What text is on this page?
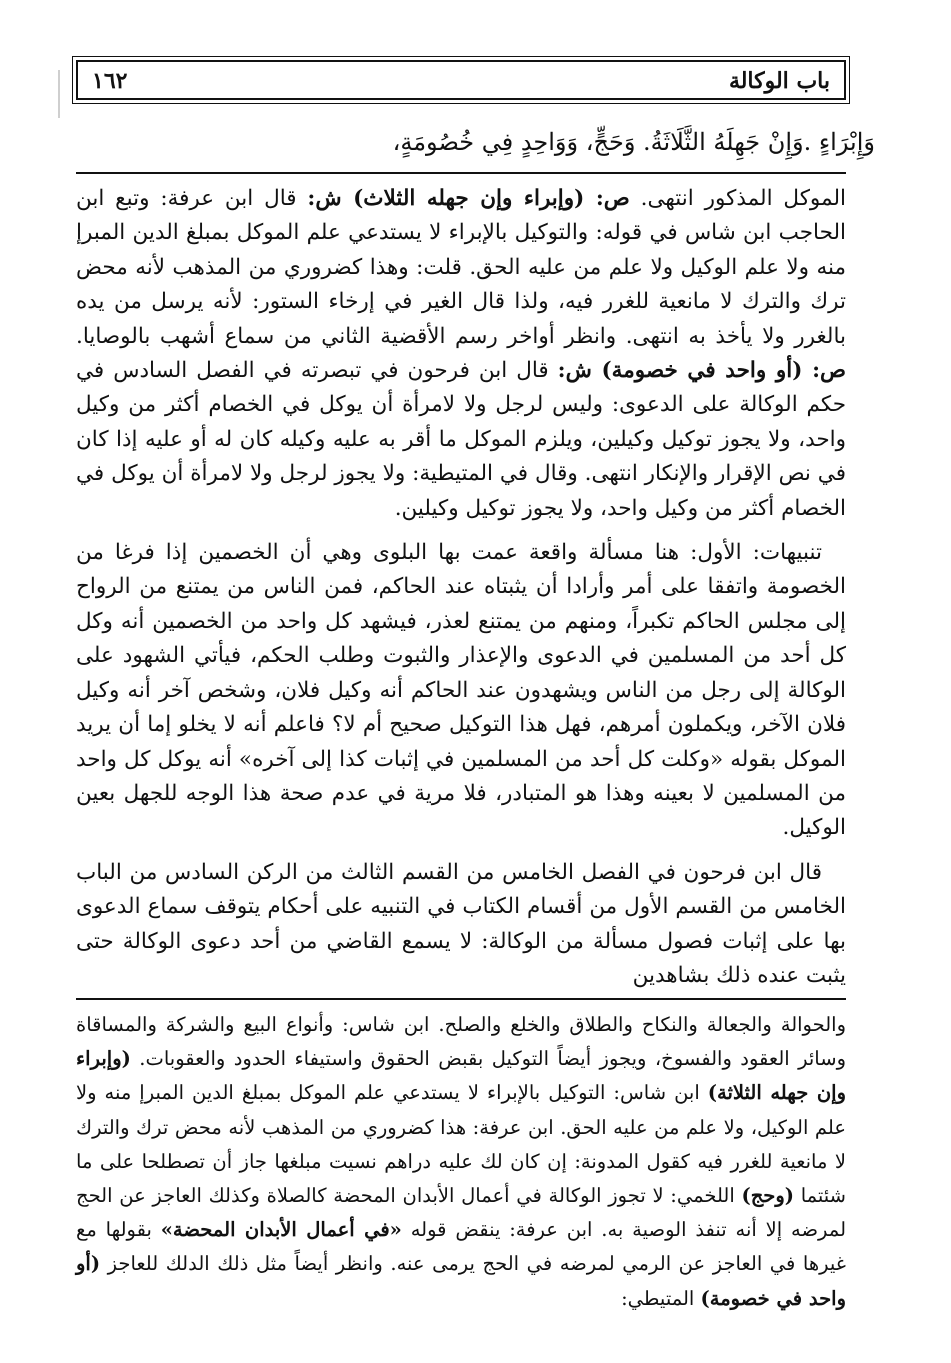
باب الوكالة
١٦٢
وَإِبْرَاءٍ .وَإِنْ جَهِلَهُ الثَّلَاثَةُ. وَحَجٍّ، وَوَاحِدٍ فِي خُصُومَةٍ،

الموكل المذكور انتهى. ص: (وإبراء وإن جهله الثلاث) ش: قال ابن عرفة: وتبع ابن الحاجب ابن شاس في قوله: والتوكيل بالإبراء لا يستدعي علم الموكل بمبلغ الدين المبرإ منه ولا علم الوكيل ولا علم من عليه الحق. قلت: وهذا كضروري من المذهب لأنه محض ترك والترك لا مانعية للغرر فيه، ولذا قال الغير في إرخاء الستور: لأنه يرسل من يده بالغرر ولا يأخذ به انتهى. وانظر أواخر رسم الأقضية الثاني من سماع أشهب بالوصايا. ص: (أو واحد في خصومة) ش: قال ابن فرحون في تبصرته في الفصل السادس في حكم الوكالة على الدعوى: وليس لرجل ولا لامرأة أن يوكل في الخصام أكثر من وكيل واحد، ولا يجوز توكيل وكيلين، ويلزم الموكل ما أقر به عليه وكيله كان له أو عليه إذا كان في نص الإقرار والإنكار انتهى. وقال في المتيطية: ولا يجوز لرجل ولا لامرأة أن يوكل في الخصام أكثر من وكيل واحد، ولا يجوز توكيل وكيلين.

تنبيهات: الأول: هنا مسألة واقعة عمت بها البلوى وهي أن الخصمين إذا فرغا من الخصومة واتفقا على أمر وأرادا أن يثبتاه عند الحاكم، فمن الناس من يمتنع من الرواح إلى مجلس الحاكم تكبراً، ومنهم من يمتنع لعذر، فيشهد كل واحد من الخصمين أنه وكل كل أحد من المسلمين في الدعوى والإعذار والثبوت وطلب الحكم، فيأتي الشهود على الوكالة إلى رجل من الناس ويشهدون عند الحاكم أنه وكيل فلان، وشخص آخر أنه وكيل فلان الآخر، ويكملون أمرهم، فهل هذا التوكيل صحيح أم لا؟ فاعلم أنه لا يخلو إما أن يريد الموكل بقوله «وكلت كل أحد من المسلمين في إثبات كذا إلى آخره» أنه يوكل كل واحد من المسلمين لا بعينه وهذا هو المتبادر، فلا مرية في عدم صحة هذا الوجه للجهل بعين الوكيل.

قال ابن فرحون في الفصل الخامس من القسم الثالث من الركن السادس من الباب الخامس من القسم الأول من أقسام الكتاب في التنبيه على أحكام يتوقف سماع الدعوى بها على إثبات فصول مسألة من الوكالة: لا يسمع القاضي من أحد دعوى الوكالة حتى يثبت عنده ذلك بشاهدين

والحوالة والجعالة والنكاح والطلاق والخلع والصلح. ابن شاس: وأنواع البيع والشركة والمساقاة وسائر العقود والفسوخ، ويجوز أيضاً التوكيل بقبض الحقوق واستيفاء الحدود والعقوبات. (وإبراء وإن جهله الثلاثة) ابن شاس: التوكيل بالإبراء لا يستدعي علم الموكل بمبلغ الدين المبرإ منه ولا علم الوكيل، ولا علم من عليه الحق. ابن عرفة: هذا كضروري من المذهب لأنه محض ترك والترك لا مانعية للغرر فيه كقول المدونة: إن كان لك عليه دراهم نسيت مبلغها جاز أن تصطلحا على ما شئتما (وحج) اللخمي: لا تجوز الوكالة في أعمال الأبدان المحضة كالصلاة وكذلك العاجز عن الحج لمرضه إلا أنه تنفذ الوصية به. ابن عرفة: ينقض قوله «في أعمال الأبدان المحضة» بقولها مع غيرها في العاجز عن الرمي لمرضه في الحج يرمى عنه. وانظر أيضاً مثل ذلك الدلك للعاجز (أو واحد في خصومة) المتيطي:
